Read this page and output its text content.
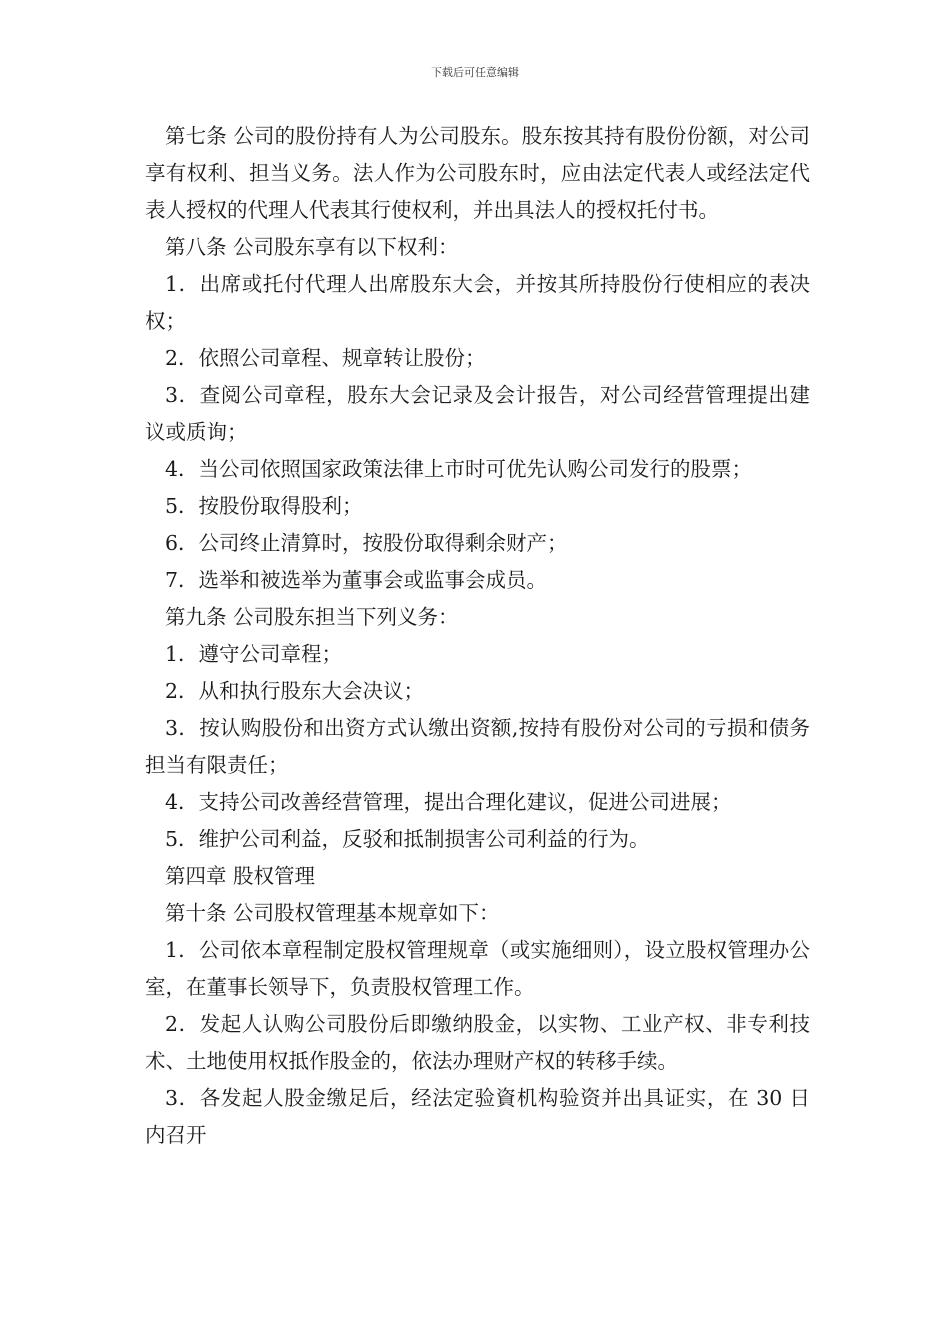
下载后可任意编辑

第七条 公司的股份持有人为公司股东。股东按其持有股份份额，对公司享有权利、担当义务。法人作为公司股东时，应由法定代表人或经法定代表人授权的代理人代表其行使权利，并出具法人的授权托付书。

第八条 公司股东享有以下权利：

1．出席或托付代理人出席股东大会，并按其所持股份行使相应的表决权；

2．依照公司章程、规章转让股份；

3．查阅公司章程，股东大会记录及会计报告，对公司经营管理提出建议或质询；

4．当公司依照国家政策法律上市时可优先认购公司发行的股票；

5．按股份取得股利；

6．公司终止清算时，按股份取得剩余财产；

7．选举和被选举为董事会或监事会成员。

第九条 公司股东担当下列义务：

1．遵守公司章程；

2．从和执行股东大会决议；

3．按认购股份和出资方式认缴出资额,按持有股份对公司的亏损和债务担当有限责任；

4．支持公司改善经营管理，提出合理化建议，促进公司进展；

5．维护公司利益，反驳和抵制损害公司利益的行为。

第四章 股权管理

第十条 公司股权管理基本规章如下：

1．公司依本章程制定股权管理规章（或实施细则），设立股权管理办公室，在董事长领导下，负责股权管理工作。

2．发起人认购公司股份后即缴纳股金，以实物、工业产权、非专利技术、土地使用权抵作股金的，依法办理财产权的转移手续。

3．各发起人股金缴足后，经法定验資机构验资并出具证实，在 30 日内召开
